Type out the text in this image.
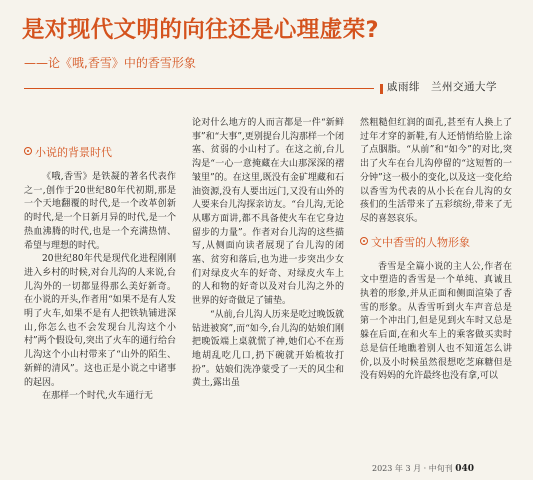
是对现代文明的向往还是心理虚荣?
——论《哦,香雪》中的香雪形象
戚雨绯　兰州交通大学
小说的背景时代

《哦,香雪》是铁凝的著名代表作之一,创作于20世纪80年代初期,那是一个天地翻覆的时代,是一个改革创新的时代,是一个日新月异的时代,是一个热血沸腾的时代,也是一个充满热情、希望与理想的时代。

20世纪80年代是现代化进程刚刚进入乡村的时候,对台儿沟的人来说,台儿沟外的一切都显得那么美好新奇。在小说的开头,作者用“如果不是有人发明了火车,如果不是有人把铁轨铺进深山,你怎么也不会发现台儿沟这个小村”两个假设句,突出了火车的通行给台儿沟这个小山村带来了“山外的陌生、新鲜的清风”。这也正是小说之中诸事的起因。

在那样一个时代,火车通行无

论对什么地方的人而言都是一件“新鲜事”和“大事”,更别提台儿沟那样一个闭塞、贫弱的小山村了。在这之前,台儿沟是“一心一意掩藏在大山那深深的褶皱里”的。在这里,既没有金矿埋藏和石油资源,没有人要出远门,又没有山外的人要来台儿沟探亲访友。“台儿沟,无论从哪方面讲,都不具备使火车在它身边留步的力量”。作者对台儿沟的这些描写,从侧面向读者展现了台儿沟的闭塞、贫穷和落后,也为进一步突出少女们对绿皮火车的好奇、对绿皮火车上的人和物的好奇以及对台儿沟之外的世界的好奇做足了铺垫。

“从前,台儿沟人历来是吃过晚饭就钻进被窝”,而“如今,台儿沟的姑娘们刚把晚饭端上桌就慌了神,她们心不在焉地胡乱吃几口,扔下碗就开始梳妆打扮”。姑娘们洗净蒙受了一天的风尘和黄土,露出虽

然粗糙但红润的面孔,甚至有人换上了过年才穿的新鞋,有人还悄悄给脸上涂了点胭脂。“从前”和“如今”的对比,突出了火车在台儿沟停留的“这短暂的一分钟”这一极小的变化,以及这一变化给以香雪为代表的从小长在台儿沟的女孩们的生活带来了五彩缤纷,带来了无尽的喜怒哀乐。

文中香雪的人物形象

香雪是全篇小说的主人公,作者在文中塑造的香雪是一个单纯、真诚且执着的形象,并从正面和侧面渲染了香雪的形象。从香雪听到火车声音总是第一个冲出门,但是见到火车时又总是躲在后面,在和火车上的乘客做买卖时总是信任地瞧着别人也不知道怎么讲价,以及小时候虽然很想吃芝麻糖但是没有妈妈的允许最终也没有拿,可以

2023 年 3 月 · 中旬刊 040
